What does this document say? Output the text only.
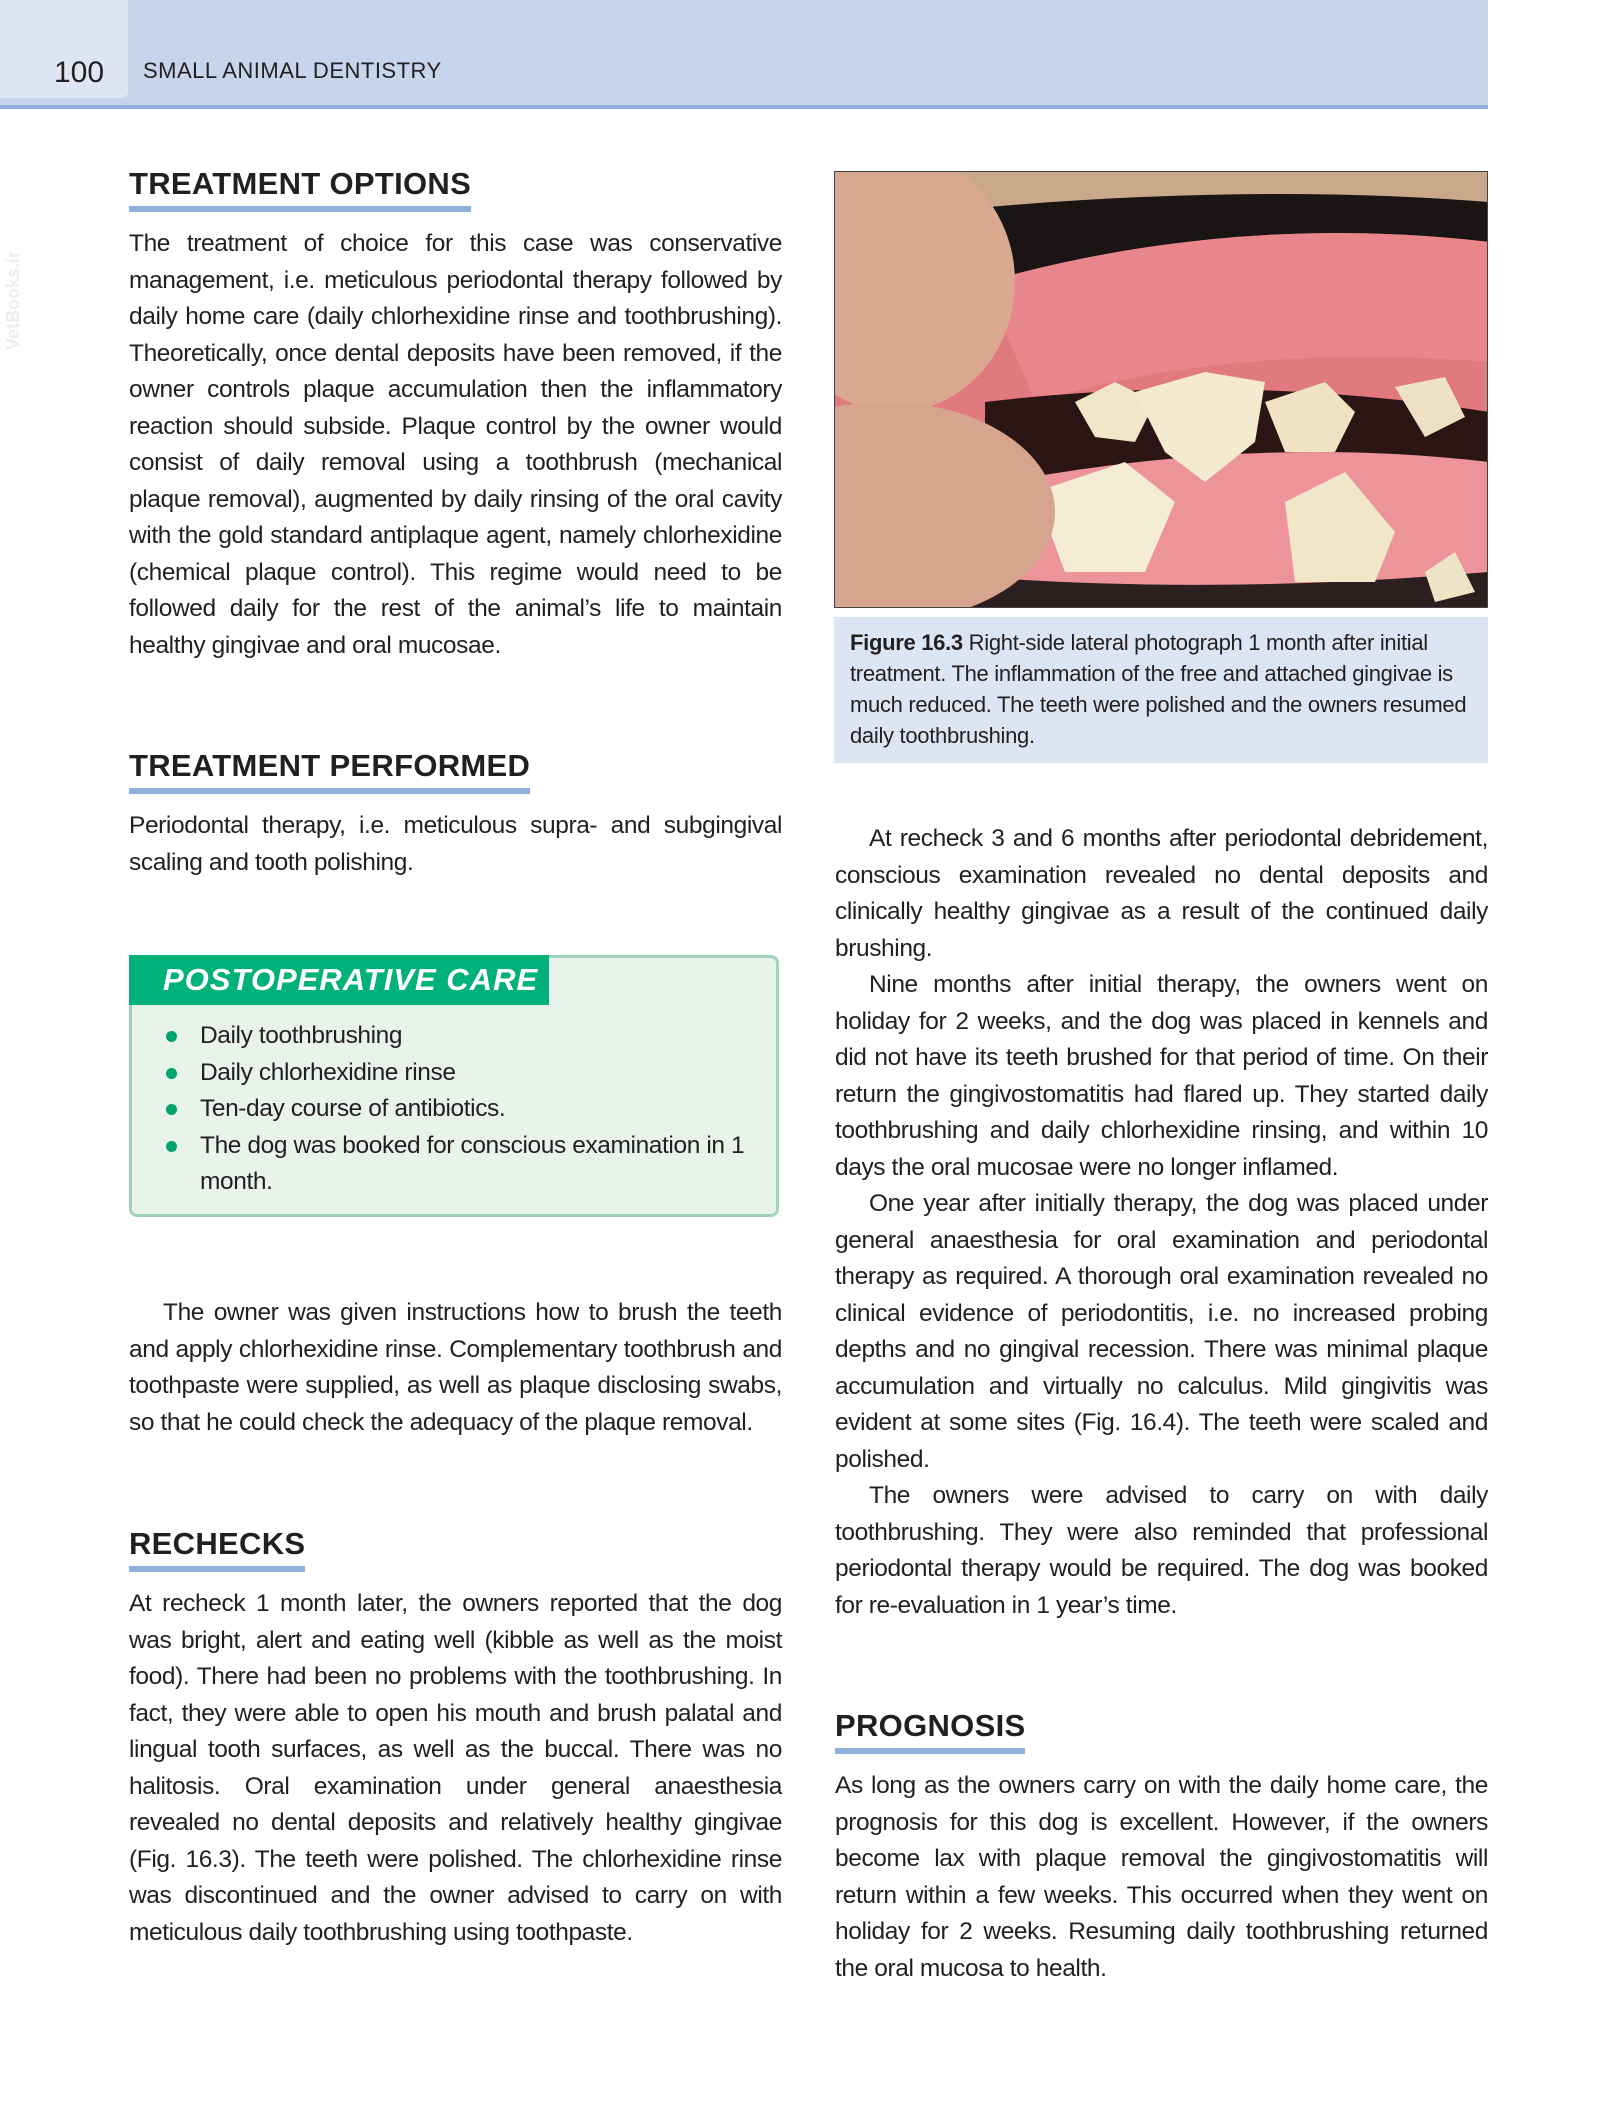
100 SMALL ANIMAL DENTISTRY
VetBooks.ir
TREATMENT OPTIONS

The treatment of choice for this case was conservative management, i.e. meticulous periodontal therapy followed by daily home care (daily chlorhexidine rinse and toothbrushing). Theoretically, once dental deposits have been removed, if the owner controls plaque accumulation then the inflammatory reaction should subside. Plaque control by the owner would consist of daily removal using a toothbrush (mechanical plaque removal), augmented by daily rinsing of the oral cavity with the gold standard antiplaque agent, namely chlorhexidine (chemical plaque control). This regime would need to be followed daily for the rest of the animal’s life to maintain healthy gingivae and oral mucosae.

TREATMENT PERFORMED

Periodontal therapy, i.e. meticulous supra- and subgingival scaling and tooth polishing.

POSTOPERATIVE CARE
Daily toothbrushing
Daily chlorhexidine rinse
Ten-day course of antibiotics.
The dog was booked for conscious examination in 1 month.

The owner was given instructions how to brush the teeth and apply chlorhexidine rinse. Complementary toothbrush and toothpaste were supplied, as well as plaque disclosing swabs, so that he could check the adequacy of the plaque removal.

RECHECKS

At recheck 1 month later, the owners reported that the dog was bright, alert and eating well (kibble as well as the moist food). There had been no problems with the toothbrushing. In fact, they were able to open his mouth and brush palatal and lingual tooth surfaces, as well as the buccal. There was no halitosis. Oral examination under general anaesthesia revealed no dental deposits and relatively healthy gingivae (Fig. 16.3). The teeth were polished. The chlorhexidine rinse was discontinued and the owner advised to carry on with meticulous daily toothbrushing using toothpaste.

Figure 16.3 Right-side lateral photograph 1 month after initial treatment. The inflammation of the free and attached gingivae is much reduced. The teeth were polished and the owners resumed daily toothbrushing.

At recheck 3 and 6 months after periodontal debridement, conscious examination revealed no dental deposits and clinically healthy gingivae as a result of the continued daily brushing.

Nine months after initial therapy, the owners went on holiday for 2 weeks, and the dog was placed in kennels and did not have its teeth brushed for that period of time. On their return the gingivostomatitis had flared up. They started daily toothbrushing and daily chlorhexidine rinsing, and within 10 days the oral mucosae were no longer inflamed.

One year after initially therapy, the dog was placed under general anaesthesia for oral examination and periodontal therapy as required. A thorough oral examination revealed no clinical evidence of periodontitis, i.e. no increased probing depths and no gingival recession. There was minimal plaque accumulation and virtually no calculus. Mild gingivitis was evident at some sites (Fig. 16.4). The teeth were scaled and polished.

The owners were advised to carry on with daily toothbrushing. They were also reminded that professional periodontal therapy would be required. The dog was booked for re-evaluation in 1 year’s time.

PROGNOSIS

As long as the owners carry on with the daily home care, the prognosis for this dog is excellent. However, if the owners become lax with plaque removal the gingivostomatitis will return within a few weeks. This occurred when they went on holiday for 2 weeks. Resuming daily toothbrushing returned the oral mucosa to health.
